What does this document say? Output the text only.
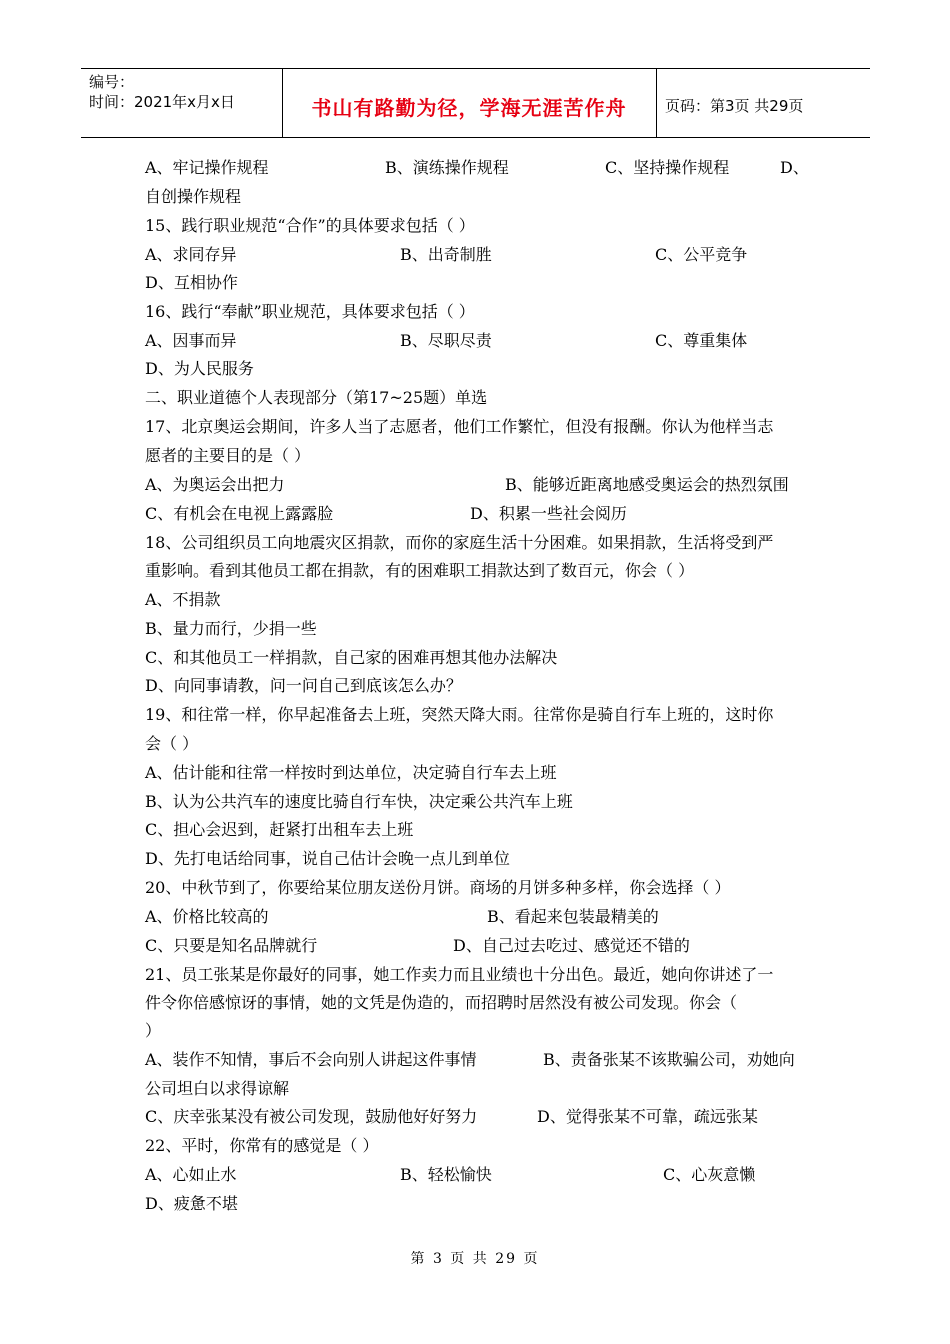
编号：
时间：2021年x月x日	书山有路勤为径，学海无涯苦作舟	页码：第3页 共29页
A、牢记操作规程	B、演练操作规程	C、坚持操作规程	D、
自创操作规程
15、践行职业规范“合作”的具体要求包括（ ）
A、求同存异	B、出奇制胜	C、公平竞争
D、互相协作
16、践行“奉献”职业规范，具体要求包括（ ）
A、因事而异	B、尽职尽责	C、尊重集体
D、为人民服务
二、职业道德个人表现部分（第17~25题）单选
17、北京奥运会期间，许多人当了志愿者，他们工作繁忙，但没有报酬。你认为他样当志
愿者的主要目的是（ ）
A、为奥运会出把力	B、能够近距离地感受奥运会的热烈氛围
C、有机会在电视上露露脸	D、积累一些社会阅历
18、公司组织员工向地震灾区捐款，而你的家庭生活十分困难。如果捐款，生活将受到严
重影响。看到其他员工都在捐款，有的困难职工捐款达到了数百元，你会（ ）
A、不捐款
B、量力而行，少捐一些
C、和其他员工一样捐款，自己家的困难再想其他办法解决
D、向同事请教，问一问自己到底该怎么办？
19、和往常一样，你早起准备去上班，突然天降大雨。往常你是骑自行车上班的，这时你
会（ ）
A、估计能和往常一样按时到达单位，决定骑自行车去上班
B、认为公共汽车的速度比骑自行车快，决定乘公共汽车上班
C、担心会迟到，赶紧打出租车去上班
D、先打电话给同事，说自己估计会晚一点儿到单位
20、中秋节到了，你要给某位朋友送份月饼。商场的月饼多种多样，你会选择（ ）
A、价格比较高的	B、看起来包装最精美的
C、只要是知名品牌就行	D、自己过去吃过、感觉还不错的
21、员工张某是你最好的同事，她工作卖力而且业绩也十分出色。最近，她向你讲述了一
件令你倍感惊讶的事情，她的文凭是伪造的，而招聘时居然没有被公司发现。你会（
）
A、装作不知情，事后不会向别人讲起这件事情	B、责备张某不该欺骗公司，劝她向
公司坦白以求得谅解
C、庆幸张某没有被公司发现，鼓励他好好努力	D、觉得张某不可靠，疏远张某
22、平时，你常有的感觉是（ ）
A、心如止水	B、轻松愉快	C、心灰意懒
D、疲惫不堪
第 3 页 共 29 页
